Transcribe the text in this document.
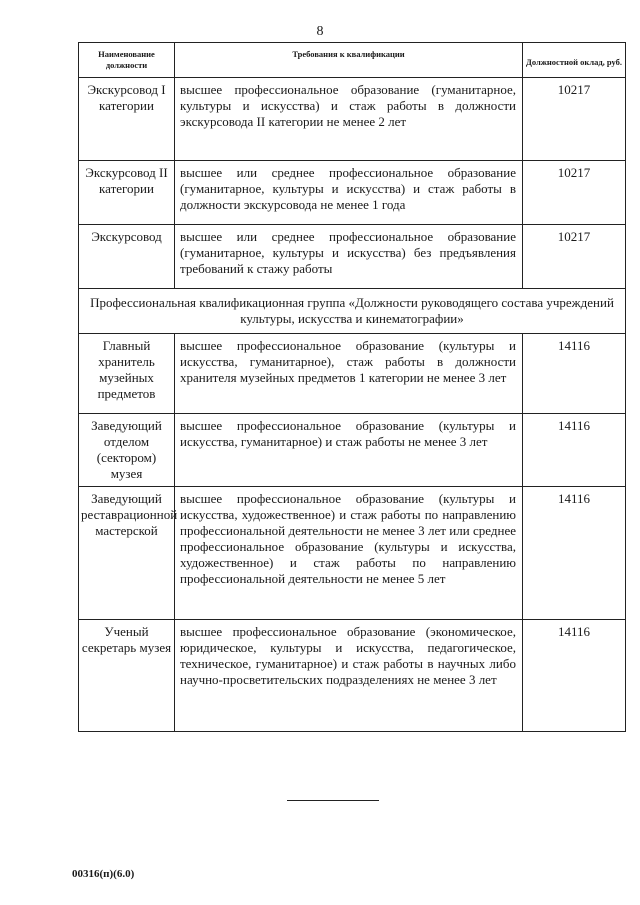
8
Наименование должности	Требования к квалификации	Должностной оклад, руб.
Экскурсовод I категории	высшее профессиональное образование (гуманитарное, культуры и искусства) и стаж работы в должности экскурсовода II категории не менее 2 лет	10217
Экскурсовод II категории	высшее или среднее профессиональное образование (гуманитарное, культуры и искусства) и стаж работы в должности экскурсовода не менее 1 года	10217
Экскурсовод	высшее или среднее профессиональное образование (гуманитарное, культуры и искусства) без предъявления требований к стажу работы	10217
Профессиональная квалификационная группа «Должности руководящего состава учреждений культуры, искусства и кинематографии»		
Главный хранитель музейных предметов	высшее профессиональное образование (культуры и искусства, гуманитарное), стаж работы в должности хранителя музейных предметов 1 категории не менее 3 лет	14116
Заведующий отделом (сектором) музея	высшее профессиональное образование (культуры и искусства, гуманитарное) и стаж работы не менее 3 лет	14116
Заведующий реставрационной мастерской	высшее профессиональное образование (культуры и искусства, художественное) и стаж работы по направлению профессиональной деятельности не менее 3 лет или среднее профессиональное образование (культуры и искусства, художественное) и стаж работы по направлению профессиональной деятельности не менее 5 лет	14116
Ученый секретарь музея	высшее профессиональное образование (экономическое, юридическое, культуры и искусства, педагогическое, техническое, гуманитарное) и стаж работы в научных либо научно-просветительских подразделениях не менее 3 лет	14116
00316(п)(6.0)
